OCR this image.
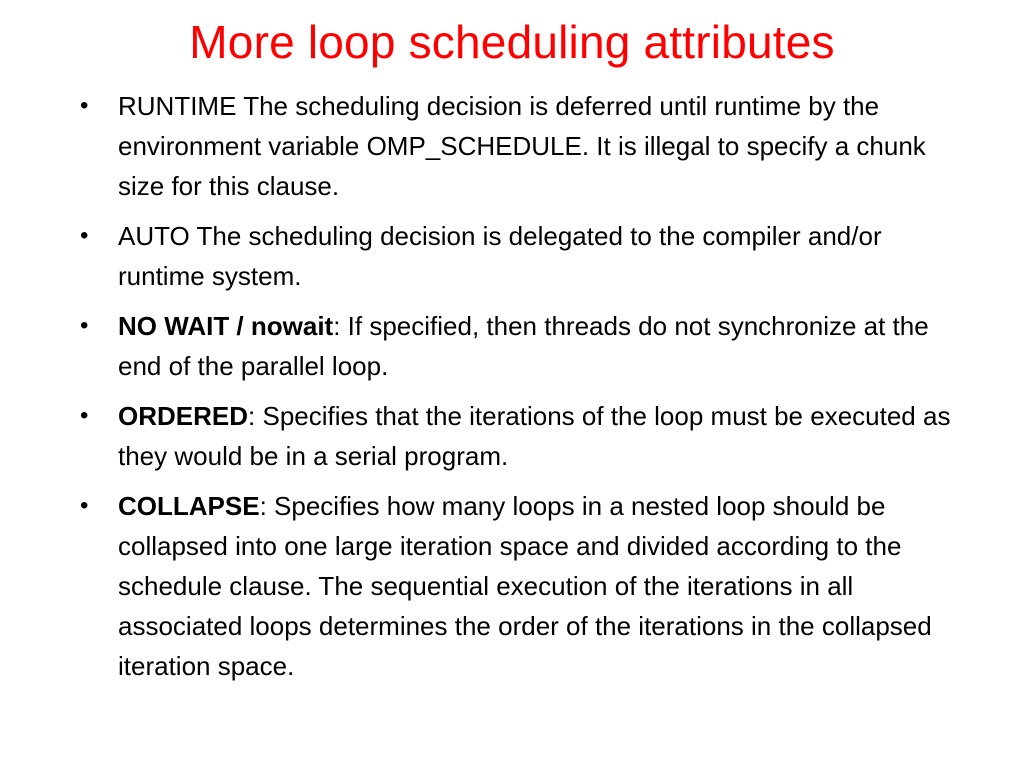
More loop scheduling attributes
• RUNTIME The scheduling decision is deferred until runtime by the environment variable OMP_SCHEDULE. It is illegal to specify a chunk size for this clause.
• AUTO The scheduling decision is delegated to the compiler and/or runtime system.
• NO WAIT / nowait: If specified, then threads do not synchronize at the end of the parallel loop.
• ORDERED: Specifies that the iterations of the loop must be executed as they would be in a serial program.
• COLLAPSE: Specifies how many loops in a nested loop should be collapsed into one large iteration space and divided according to the schedule clause. The sequential execution of the iterations in all associated loops determines the order of the iterations in the collapsed iteration space.
